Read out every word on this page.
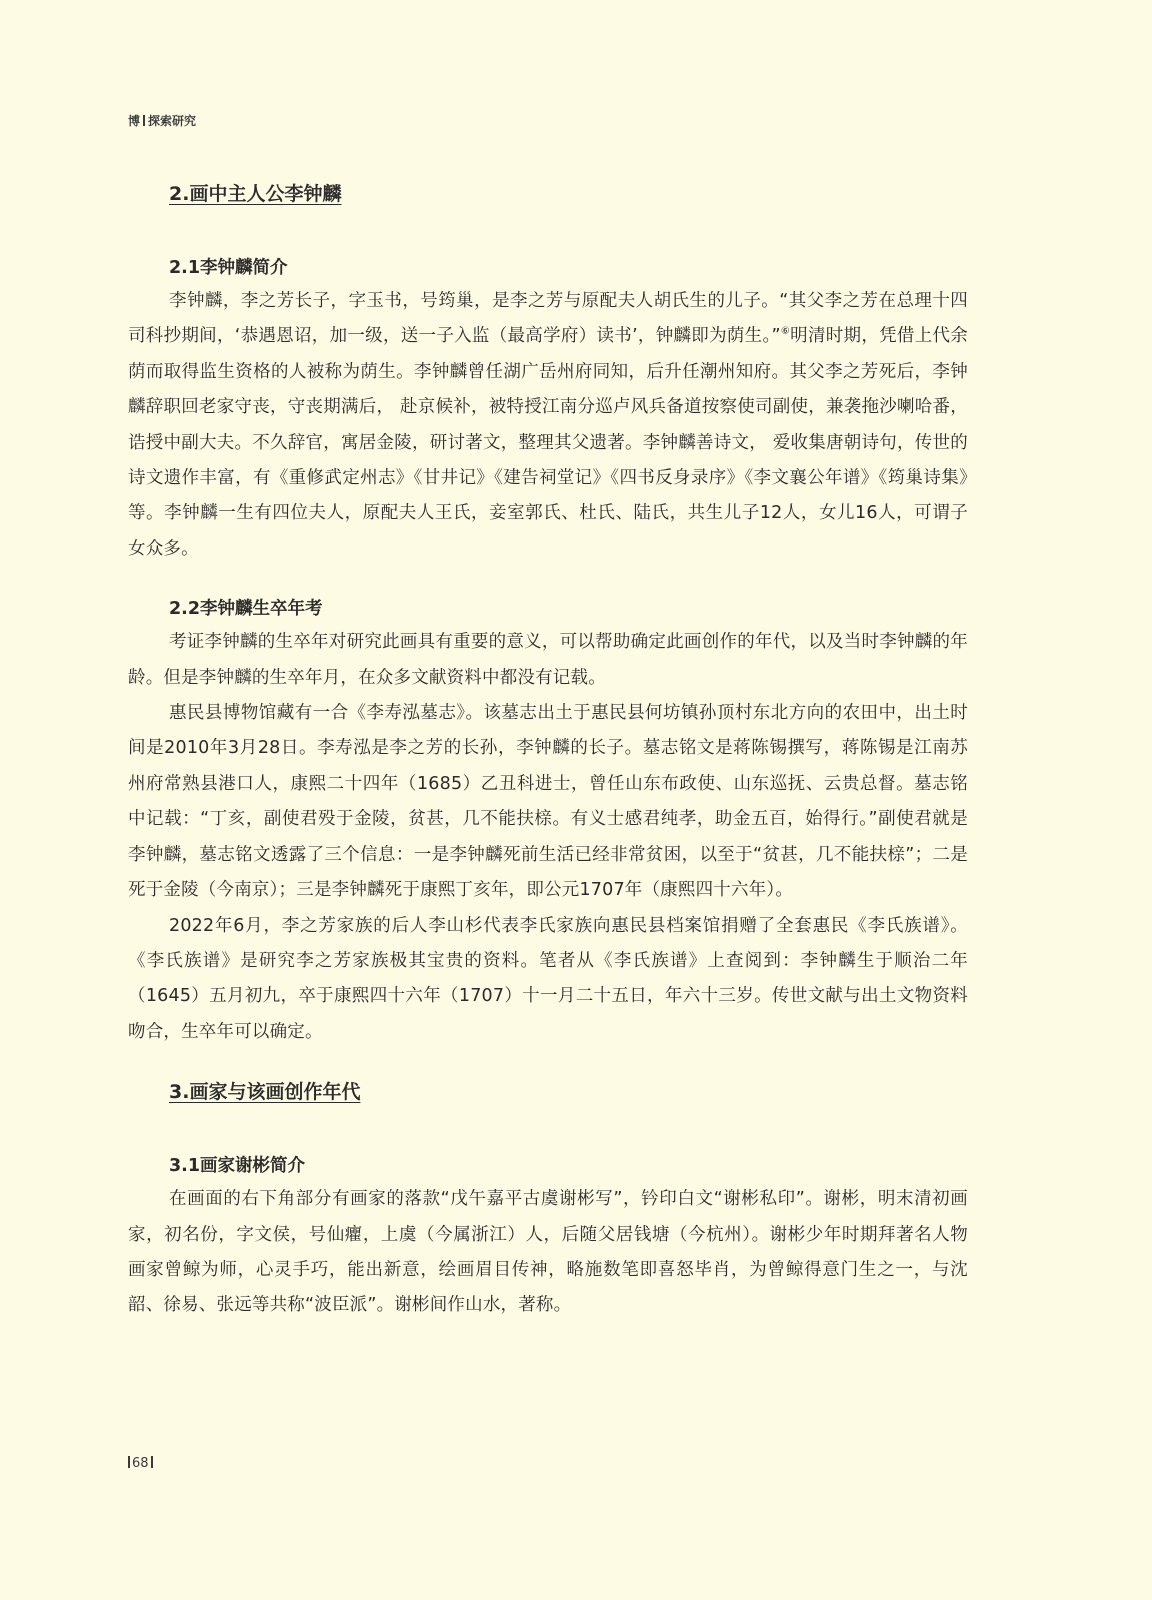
博 探索研究
2.画中主人公李钟麟
2.1李钟麟简介

李钟麟，李之芳长子，字玉书，号筠巢，是李之芳与原配夫人胡氏生的儿子。“其父李之芳在总理十四司科抄期间，‘恭遇恩诏，加一级，送一子入监（最高学府）读书’，钟麟即为荫生。”⑥明清时期，凭借上代余荫而取得监生资格的人被称为荫生。李钟麟曾任湖广岳州府同知，后升任潮州知府。其父李之芳死后，李钟麟辞职回老家守丧，守丧期满后， 赴京候补，被特授江南分巡卢风兵备道按察使司副使，兼袭拖沙喇哈番，诰授中副大夫。不久辞官，寓居金陵，研讨著文，整理其父遗著。李钟麟善诗文， 爱收集唐朝诗句，传世的诗文遗作丰富，有《重修武定州志》《甘井记》《建告祠堂记》《四书反身录序》《李文襄公年谱》《筠巢诗集》等。李钟麟一生有四位夫人，原配夫人王氏，妾室郭氏、杜氏、陆氏，共生儿子12人，女儿16人，可谓子女众多。

2.2李钟麟生卒年考

考证李钟麟的生卒年对研究此画具有重要的意义，可以帮助确定此画创作的年代，以及当时李钟麟的年龄。但是李钟麟的生卒年月，在众多文献资料中都没有记载。

惠民县博物馆藏有一合《李寿泓墓志》。该墓志出土于惠民县何坊镇孙顶村东北方向的农田中，出土时间是2010年3月28日。李寿泓是李之芳的长孙，李钟麟的长子。墓志铭文是蒋陈锡撰写，蒋陈锡是江南苏州府常熟县港口人，康熙二十四年（1685）乙丑科进士，曾任山东布政使、山东巡抚、云贵总督。墓志铭中记载：“丁亥，副使君殁于金陵，贫甚，几不能扶榇。有义士感君纯孝，助金五百，始得行。”副使君就是李钟麟，墓志铭文透露了三个信息：一是李钟麟死前生活已经非常贫困，以至于“贫甚，几不能扶榇”；二是死于金陵（今南京）；三是李钟麟死于康熙丁亥年，即公元1707年（康熙四十六年）。

2022年6月，李之芳家族的后人李山杉代表李氏家族向惠民县档案馆捐赠了全套惠民《李氏族谱》。《李氏族谱》是研究李之芳家族极其宝贵的资料。笔者从《李氏族谱》上查阅到：李钟麟生于顺治二年（1645）五月初九，卒于康熙四十六年（1707）十一月二十五日，年六十三岁。传世文献与出土文物资料吻合，生卒年可以确定。

3.画家与该画创作年代
3.1画家谢彬简介

在画面的右下角部分有画家的落款“戊午嘉平古虞谢彬写”，钤印白文“谢彬私印”。谢彬，明末清初画家，初名份，字文侯，号仙癯，上虞（今属浙江）人，后随父居钱塘（今杭州）。谢彬少年时期拜著名人物画家曾鲸为师，心灵手巧，能出新意，绘画眉目传神，略施数笔即喜怒毕肖，为曾鲸得意门生之一，与沈韶、徐易、张远等共称“波臣派”。谢彬间作山水，著称。

68
